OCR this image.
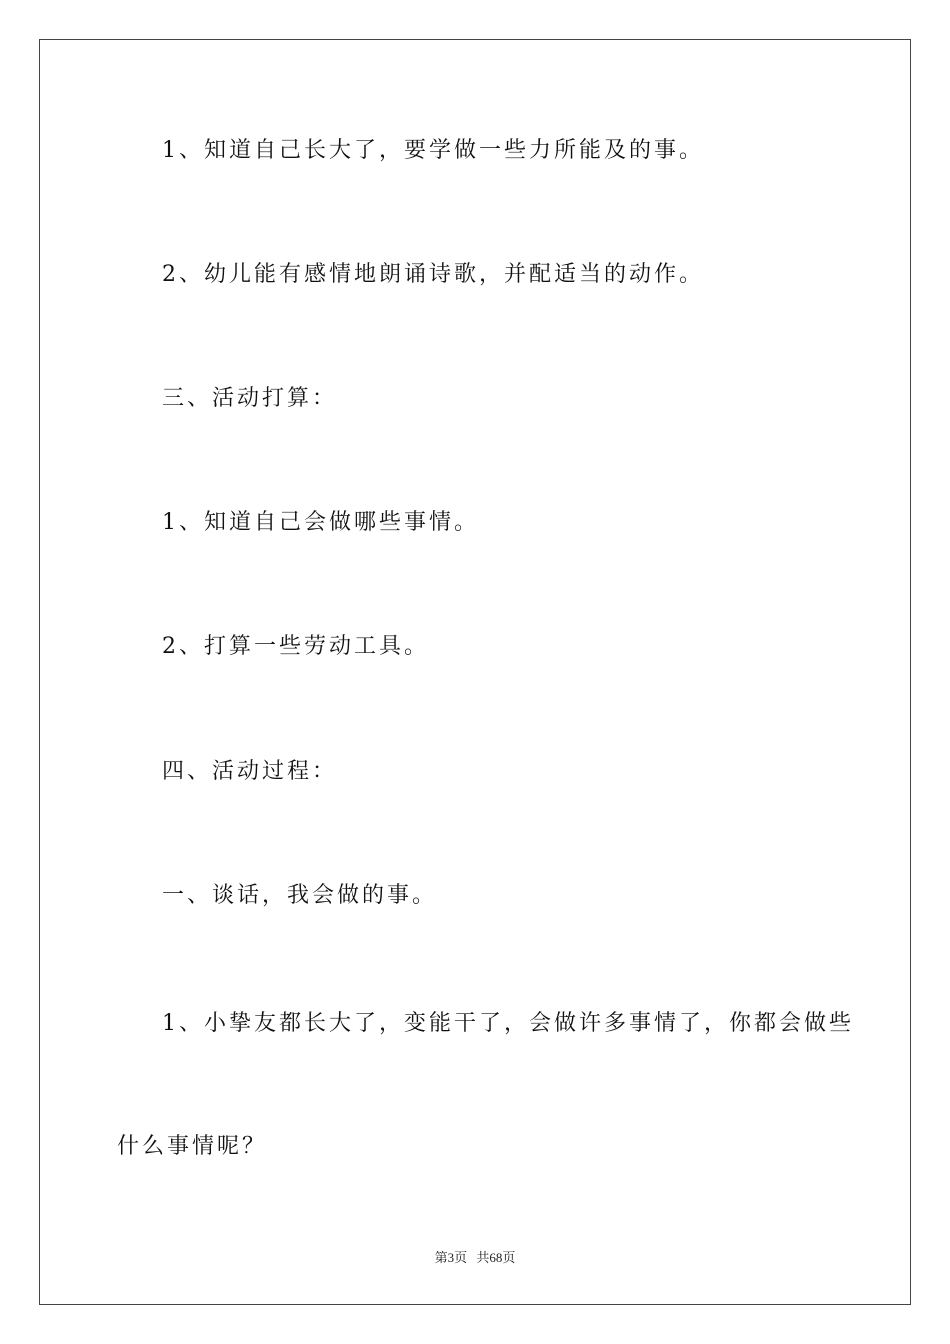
1、知道自己长大了，要学做一些力所能及的事。

2、幼儿能有感情地朗诵诗歌，并配适当的动作。

三、活动打算：

1、知道自己会做哪些事情。

2、打算一些劳动工具。

四、活动过程：

一、谈话，我会做的事。

1、小挚友都长大了，变能干了，会做许多事情了，你都会做些

什么事情呢？

第3页 共68页
